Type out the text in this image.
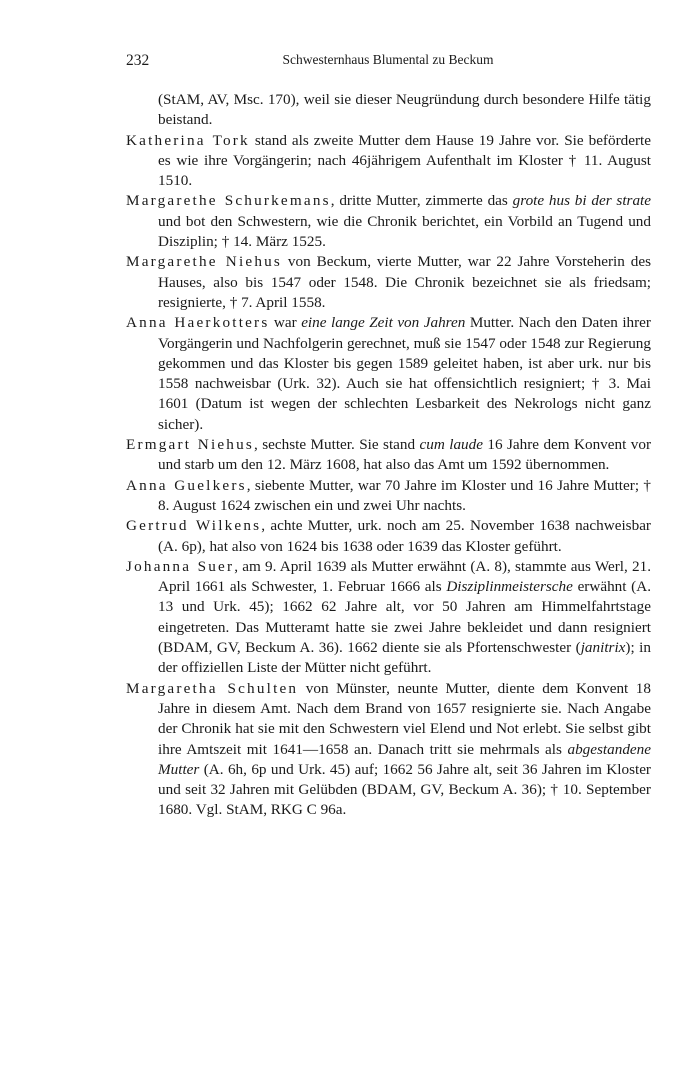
232	Schwesternhaus Blumental zu Beckum

(StAM, AV, Msc. 170), weil sie dieser Neugründung durch besondere Hilfe tätig beistand.

Katherina Tork stand als zweite Mutter dem Hause 19 Jahre vor. Sie beförderte es wie ihre Vorgängerin; nach 46jährigem Aufenthalt im Kloster † 11. August 1510.

Margarethe Schurkemans, dritte Mutter, zimmerte das grote hus bi der strate und bot den Schwestern, wie die Chronik berichtet, ein Vorbild an Tugend und Disziplin; † 14. März 1525.

Margarethe Niehus von Beckum, vierte Mutter, war 22 Jahre Vorsteherin des Hauses, also bis 1547 oder 1548. Die Chronik bezeichnet sie als friedsam; resignierte, † 7. April 1558.

Anna Haerkotters war eine lange Zeit von Jahren Mutter. Nach den Daten ihrer Vorgängerin und Nachfolgerin gerechnet, muß sie 1547 oder 1548 zur Regierung gekommen und das Kloster bis gegen 1589 geleitet haben, ist aber urk. nur bis 1558 nachweisbar (Urk. 32). Auch sie hat offensichtlich resigniert; † 3. Mai 1601 (Datum ist wegen der schlechten Lesbarkeit des Nekrologs nicht ganz sicher).

Ermgart Niehus, sechste Mutter. Sie stand cum laude 16 Jahre dem Konvent vor und starb um den 12. März 1608, hat also das Amt um 1592 übernommen.

Anna Guelkers, siebente Mutter, war 70 Jahre im Kloster und 16 Jahre Mutter; † 8. August 1624 zwischen ein und zwei Uhr nachts.

Gertrud Wilkens, achte Mutter, urk. noch am 25. November 1638 nachweisbar (A. 6p), hat also von 1624 bis 1638 oder 1639 das Kloster geführt.

Johanna Suer, am 9. April 1639 als Mutter erwähnt (A. 8), stammte aus Werl, 21. April 1661 als Schwester, 1. Februar 1666 als Disziplinmeistersche erwähnt (A. 13 und Urk. 45); 1662 62 Jahre alt, vor 50 Jahren am Himmelfahrtstage eingetreten. Das Mutteramt hatte sie zwei Jahre bekleidet und dann resigniert (BDAM, GV, Beckum A. 36). 1662 diente sie als Pfortenschwester (janitrix); in der offiziellen Liste der Mütter nicht geführt.

Margaretha Schulten von Münster, neunte Mutter, diente dem Konvent 18 Jahre in diesem Amt. Nach dem Brand von 1657 resignierte sie. Nach Angabe der Chronik hat sie mit den Schwestern viel Elend und Not erlebt. Sie selbst gibt ihre Amtszeit mit 1641—1658 an. Danach tritt sie mehrmals als abgestandene Mutter (A. 6h, 6p und Urk. 45) auf; 1662 56 Jahre alt, seit 36 Jahren im Kloster und seit 32 Jahren mit Gelübden (BDAM, GV, Beckum A. 36); † 10. September 1680. Vgl. StAM, RKG C 96a.
